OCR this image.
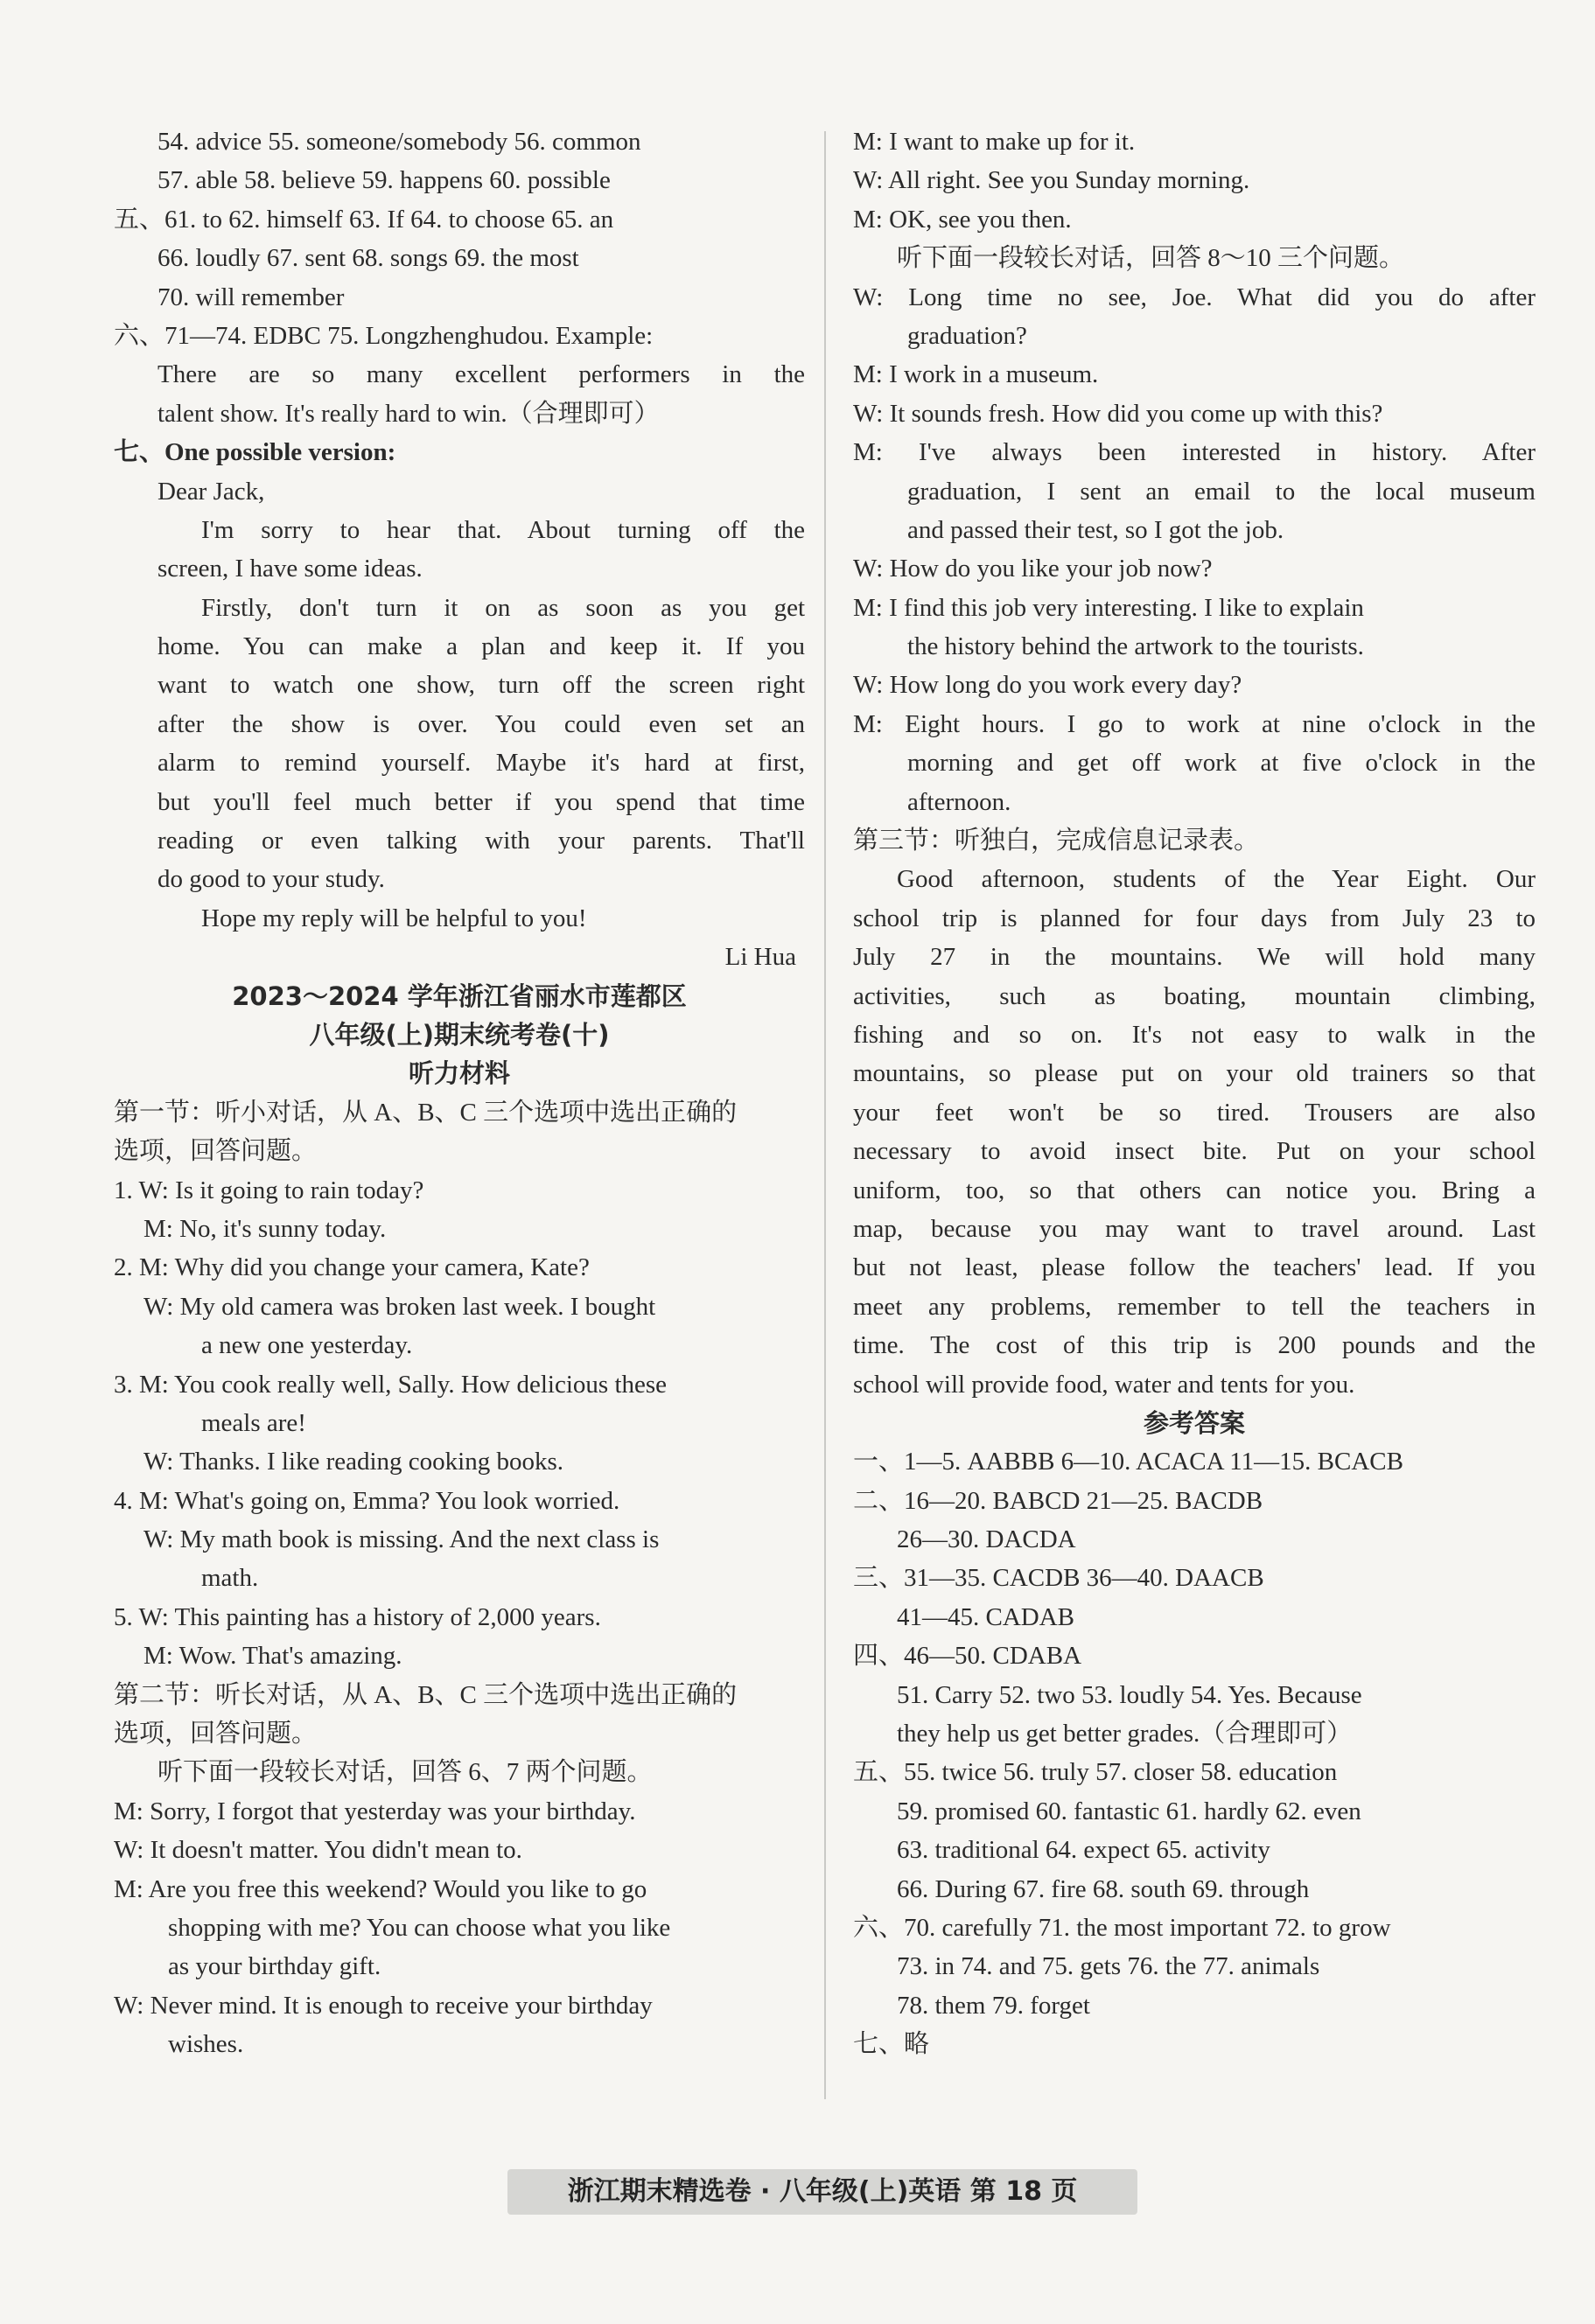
54. advice 55. someone/somebody 56. common
57. able 58. believe 59. happens 60. possible
五、61. to 62. himself 63. If 64. to choose 65. an
66. loudly 67. sent 68. songs 69. the most
70. will remember
六、71—74. EDBC 75. Longzhenghudou. Example:
There are so many excellent performers in the
talent show. It's really hard to win.（合理即可）
七、One possible version:
Dear Jack,
I'm sorry to hear that. About turning off the
screen, I have some ideas.
Firstly, don't turn it on as soon as you get
home. You can make a plan and keep it. If you
want to watch one show, turn off the screen right
after the show is over. You could even set an
alarm to remind yourself. Maybe it's hard at first,
but you'll feel much better if you spend that time
reading or even talking with your parents. That'll
do good to your study.
Hope my reply will be helpful to you!
Li Hua
2023～2024 学年浙江省丽水市莲都区
八年级(上)期末统考卷(十)
听力材料
第一节：听小对话，从 A、B、C 三个选项中选出正确的
选项，回答问题。
1. W: Is it going to rain today?
M: No, it's sunny today.
2. M: Why did you change your camera, Kate?
W: My old camera was broken last week. I bought
a new one yesterday.
3. M: You cook really well, Sally. How delicious these
meals are!
W: Thanks. I like reading cooking books.
4. M: What's going on, Emma? You look worried.
W: My math book is missing. And the next class is
math.
5. W: This painting has a history of 2,000 years.
M: Wow. That's amazing.
第二节：听长对话，从 A、B、C 三个选项中选出正确的
选项，回答问题。
听下面一段较长对话，回答 6、7 两个问题。
M: Sorry, I forgot that yesterday was your birthday.
W: It doesn't matter. You didn't mean to.
M: Are you free this weekend? Would you like to go
shopping with me? You can choose what you like
as your birthday gift.
W: Never mind. It is enough to receive your birthday
wishes.
M: I want to make up for it.
W: All right. See you Sunday morning.
M: OK, see you then.
听下面一段较长对话，回答 8～10 三个问题。
W: Long time no see, Joe. What did you do after
graduation?
M: I work in a museum.
W: It sounds fresh. How did you come up with this?
M: I've always been interested in history. After
graduation, I sent an email to the local museum
and passed their test, so I got the job.
W: How do you like your job now?
M: I find this job very interesting. I like to explain
the history behind the artwork to the tourists.
W: How long do you work every day?
M: Eight hours. I go to work at nine o'clock in the
morning and get off work at five o'clock in the
afternoon.
第三节：听独白，完成信息记录表。
Good afternoon, students of the Year Eight. Our
school trip is planned for four days from July 23 to
July 27 in the mountains. We will hold many
activities, such as boating, mountain climbing,
fishing and so on. It's not easy to walk in the
mountains, so please put on your old trainers so that
your feet won't be so tired. Trousers are also
necessary to avoid insect bite. Put on your school
uniform, too, so that others can notice you. Bring a
map, because you may want to travel around. Last
but not least, please follow the teachers' lead. If you
meet any problems, remember to tell the teachers in
time. The cost of this trip is 200 pounds and the
school will provide food, water and tents for you.
参考答案
一、1—5. AABBB 6—10. ACACA 11—15. BCACB
二、16—20. BABCD 21—25. BACDB
26—30. DACDA
三、31—35. CACDB 36—40. DAACB
41—45. CADAB
四、46—50. CDABA
51. Carry 52. two 53. loudly 54. Yes. Because
they help us get better grades.（合理即可）
五、55. twice 56. truly 57. closer 58. education
59. promised 60. fantastic 61. hardly 62. even
63. traditional 64. expect 65. activity
66. During 67. fire 68. south 69. through
六、70. carefully 71. the most important 72. to grow
73. in 74. and 75. gets 76. the 77. animals
78. them 79. forget
七、略
浙江期末精选卷 · 八年级(上)英语 第 18 页
